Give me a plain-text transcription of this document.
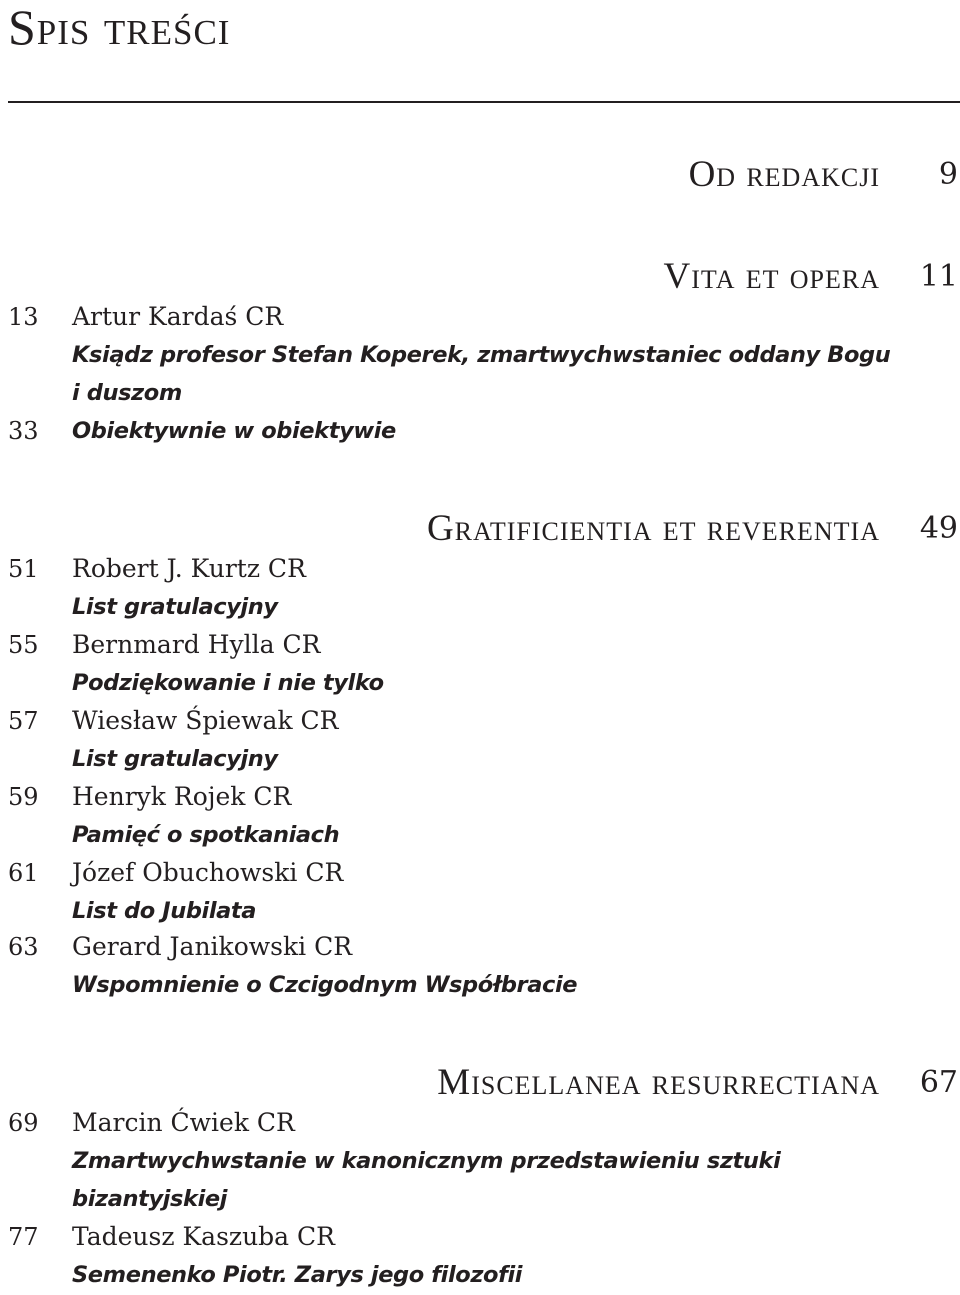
Spis treści
Od redakcji 9
Vita et opera 11
13 Artur Kardaś CR
Ksiądz profesor Stefan Koperek, zmartwychwstaniec oddany Bogu i duszom
33 Obiektywnie w obiektywie
Gratificientia et reverentia 49
51 Robert J. Kurtz CR
List gratulacyjny
55 Bernmard Hylla CR
Podziękowanie i nie tylko
57 Wiesław Śpiewak CR
List gratulacyjny
59 Henryk Rojek CR
Pamięć o spotkaniach
61 Józef Obuchowski CR
List do Jubilata
63 Gerard Janikowski CR
Wspomnienie o Czcigodnym Współbracie
Miscellanea resurrectiana 67
69 Marcin Ćwiek CR
Zmartwychwstanie w kanonicznym przedstawieniu sztuki bizantyjskiej
77 Tadeusz Kaszuba CR
Semenenko Piotr. Zarys jego filozofii
